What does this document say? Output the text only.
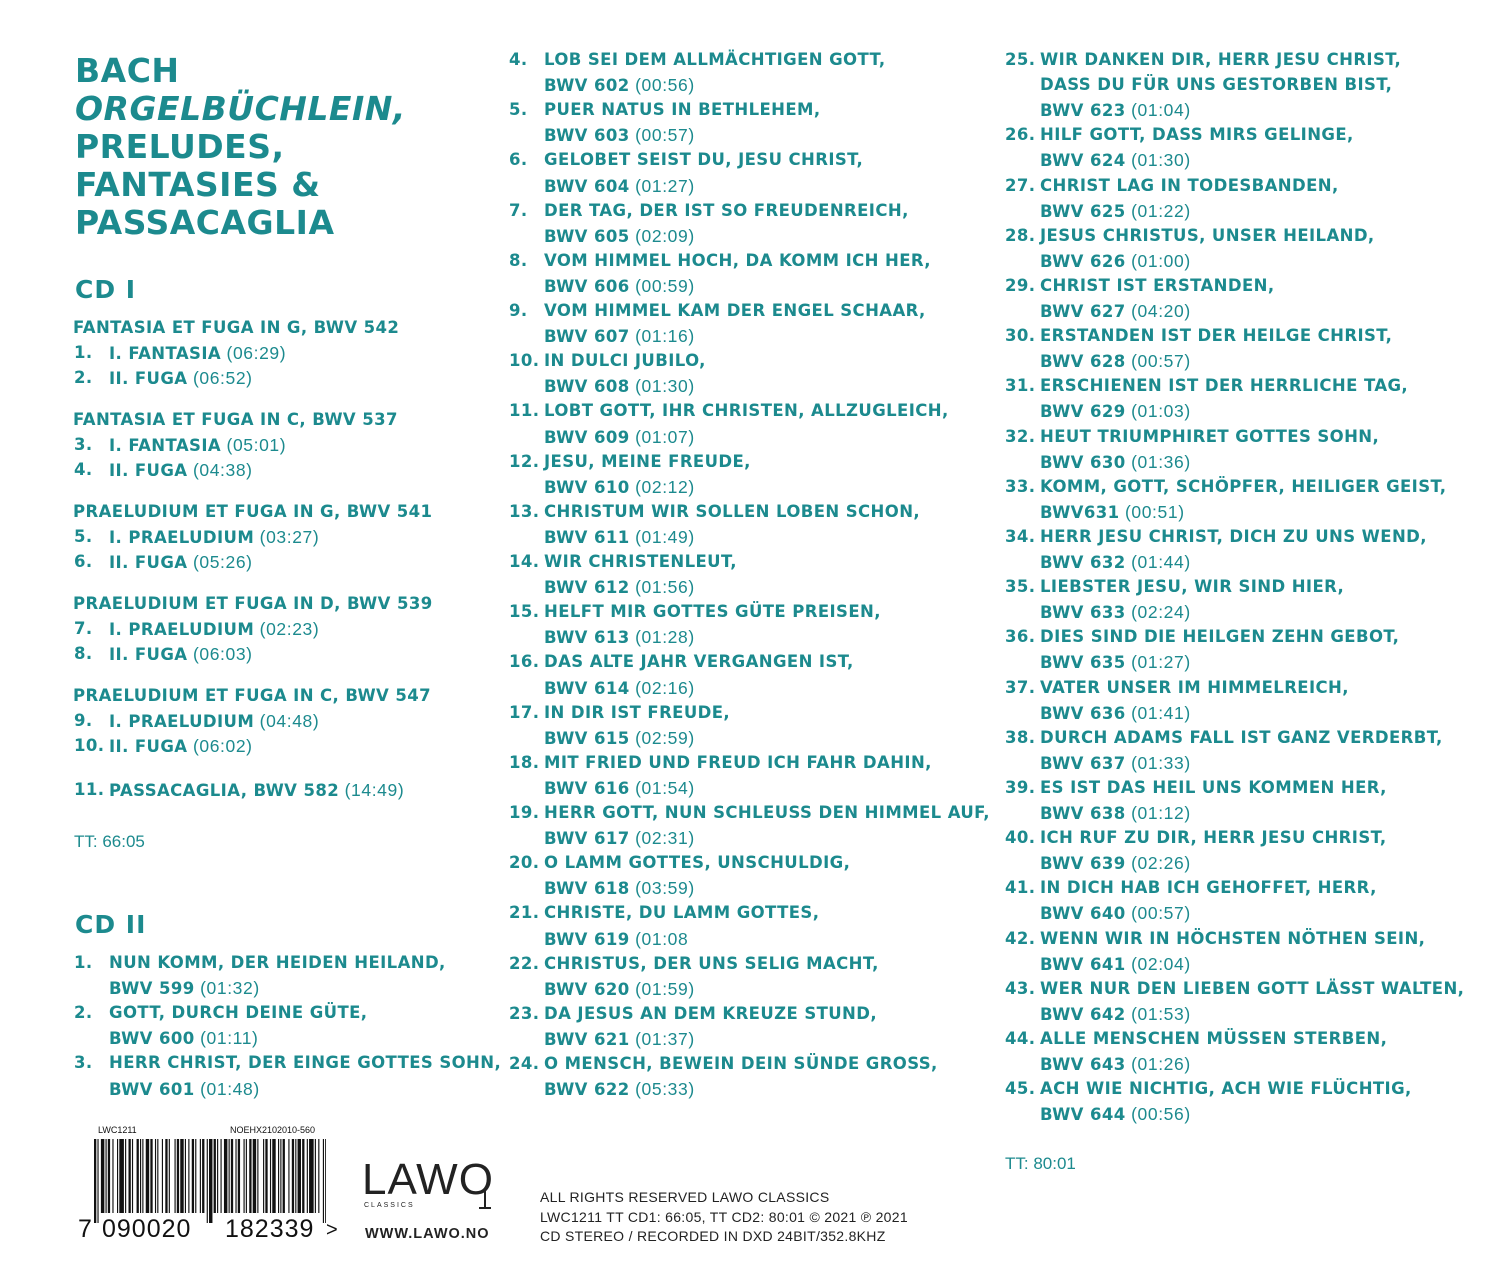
BACH
ORGELBÜCHLEIN,
PRELUDES,
FANTASIES &
PASSACAGLIA
CD I
FANTASIA ET FUGA IN G, BWV 542
1. I. FANTASIA (06:29)
2. II. FUGA (06:52)
FANTASIA ET FUGA IN C, BWV 537
3. I. FANTASIA (05:01)
4. II. FUGA (04:38)
PRAELUDIUM ET FUGA IN G, BWV 541
5. I. PRAELUDIUM (03:27)
6. II. FUGA (05:26)
PRAELUDIUM ET FUGA IN D, BWV 539
7. I. PRAELUDIUM (02:23)
8. II. FUGA (06:03)
PRAELUDIUM ET FUGA IN C, BWV 547
9. I. PRAELUDIUM (04:48)
10. II. FUGA (06:02)
11. PASSACAGLIA, BWV 582 (14:49)
TT: 66:05
CD II
1. NUN KOMM, DER HEIDEN HEILAND,
BWV 599 (01:32)
2. GOTT, DURCH DEINE GÜTE,
BWV 600 (01:11)
3. HERR CHRIST, DER EINGE GOTTES SOHN,
BWV 601 (01:48)
4. LOB SEI DEM ALLMÄCHTIGEN GOTT,
BWV 602 (00:56)
5. PUER NATUS IN BETHLEHEM,
BWV 603 (00:57)
6. GELOBET SEIST DU, JESU CHRIST,
BWV 604 (01:27)
7. DER TAG, DER IST SO FREUDENREICH,
BWV 605 (02:09)
8. VOM HIMMEL HOCH, DA KOMM ICH HER,
BWV 606 (00:59)
9. VOM HIMMEL KAM DER ENGEL SCHAAR,
BWV 607 (01:16)
10. IN DULCI JUBILO,
BWV 608 (01:30)
11. LOBT GOTT, IHR CHRISTEN, ALLZUGLEICH,
BWV 609 (01:07)
12. JESU, MEINE FREUDE,
BWV 610 (02:12)
13. CHRISTUM WIR SOLLEN LOBEN SCHON,
BWV 611 (01:49)
14. WIR CHRISTENLEUT,
BWV 612 (01:56)
15. HELFT MIR GOTTES GÜTE PREISEN,
BWV 613 (01:28)
16. DAS ALTE JAHR VERGANGEN IST,
BWV 614 (02:16)
17. IN DIR IST FREUDE,
BWV 615 (02:59)
18. MIT FRIED UND FREUD ICH FAHR DAHIN,
BWV 616 (01:54)
19. HERR GOTT, NUN SCHLEUSS DEN HIMMEL AUF,
BWV 617 (02:31)
20. O LAMM GOTTES, UNSCHULDIG,
BWV 618 (03:59)
21. CHRISTE, DU LAMM GOTTES,
BWV 619 (01:08
22. CHRISTUS, DER UNS SELIG MACHT,
BWV 620 (01:59)
23. DA JESUS AN DEM KREUZE STUND,
BWV 621 (01:37)
24. O MENSCH, BEWEIN DEIN SÜNDE GROSS,
BWV 622 (05:33)
25. WIR DANKEN DIR, HERR JESU CHRIST,
DASS DU FÜR UNS GESTORBEN BIST,
BWV 623 (01:04)
26. HILF GOTT, DASS MIRS GELINGE,
BWV 624 (01:30)
27. CHRIST LAG IN TODESBANDEN,
BWV 625 (01:22)
28. JESUS CHRISTUS, UNSER HEILAND,
BWV 626 (01:00)
29. CHRIST IST ERSTANDEN,
BWV 627 (04:20)
30. ERSTANDEN IST DER HEILGE CHRIST,
BWV 628 (00:57)
31. ERSCHIENEN IST DER HERRLICHE TAG,
BWV 629 (01:03)
32. HEUT TRIUMPHIRET GOTTES SOHN,
BWV 630 (01:36)
33. KOMM, GOTT, SCHÖPFER, HEILIGER GEIST,
BWV631 (00:51)
34. HERR JESU CHRIST, DICH ZU UNS WEND,
BWV 632 (01:44)
35. LIEBSTER JESU, WIR SIND HIER,
BWV 633 (02:24)
36. DIES SIND DIE HEILGEN ZEHN GEBOT,
BWV 635 (01:27)
37. VATER UNSER IM HIMMELREICH,
BWV 636 (01:41)
38. DURCH ADAMS FALL IST GANZ VERDERBT,
BWV 637 (01:33)
39. ES IST DAS HEIL UNS KOMMEN HER,
BWV 638 (01:12)
40. ICH RUF ZU DIR, HERR JESU CHRIST,
BWV 639 (02:26)
41. IN DICH HAB ICH GEHOFFET, HERR,
BWV 640 (00:57)
42. WENN WIR IN HÖCHSTEN NÖTHEN SEIN,
BWV 641 (02:04)
43. WER NUR DEN LIEBEN GOTT LÄSST WALTEN,
BWV 642 (01:53)
44. ALLE MENSCHEN MÜSSEN STERBEN,
BWV 643 (01:26)
45. ACH WIE NICHTIG, ACH WIE FLÜCHTIG,
BWV 644 (00:56)
TT: 80:01
LWC1211	NOEHX2102010-560
7 090020 182339 >
LAWO
CLASSICS
WWW.LAWO.NO
ALL RIGHTS RESERVED LAWO CLASSICS
LWC1211 TT CD1: 66:05, TT CD2: 80:01 © 2021 ℗ 2021
CD STEREO / RECORDED IN DXD 24BIT/352.8KHZ
